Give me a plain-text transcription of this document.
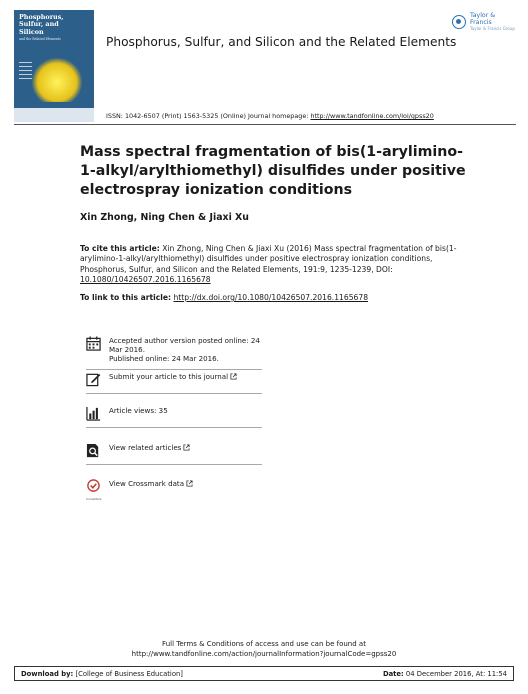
Phosphorus,
Sulfur, and
Silicon
and the Related Elements
Taylor & Francis
Taylor & Francis Group
Phosphorus, Sulfur, and Silicon and the Related Elements
ISSN: 1042-6507 (Print) 1563-5325 (Online) Journal homepage: http://www.tandfonline.com/loi/gpss20
Mass spectral fragmentation of bis(1-arylimino-1-alkyl/arylthiomethyl) disulfides under positive electrospray ionization conditions
Xin Zhong, Ning Chen & Jiaxi Xu
To cite this article: Xin Zhong, Ning Chen & Jiaxi Xu (2016) Mass spectral fragmentation of bis(1-arylimino-1-alkyl/arylthiomethyl) disulfides under positive electrospray ionization conditions, Phosphorus, Sulfur, and Silicon and the Related Elements, 191:9, 1235-1239, DOI: 10.1080/10426507.2016.1165678
To link to this article: http://dx.doi.org/10.1080/10426507.2016.1165678
Accepted author version posted online: 24 Mar 2016.
Published online: 24 Mar 2016.
Submit your article to this journal
Article views: 35
View related articles
CrossMark
View Crossmark data
Full Terms & Conditions of access and use can be found at
http://www.tandfonline.com/action/journalInformation?journalCode=gpss20
Download by: [College of Business Education]	Date: 04 December 2016, At: 11:54
